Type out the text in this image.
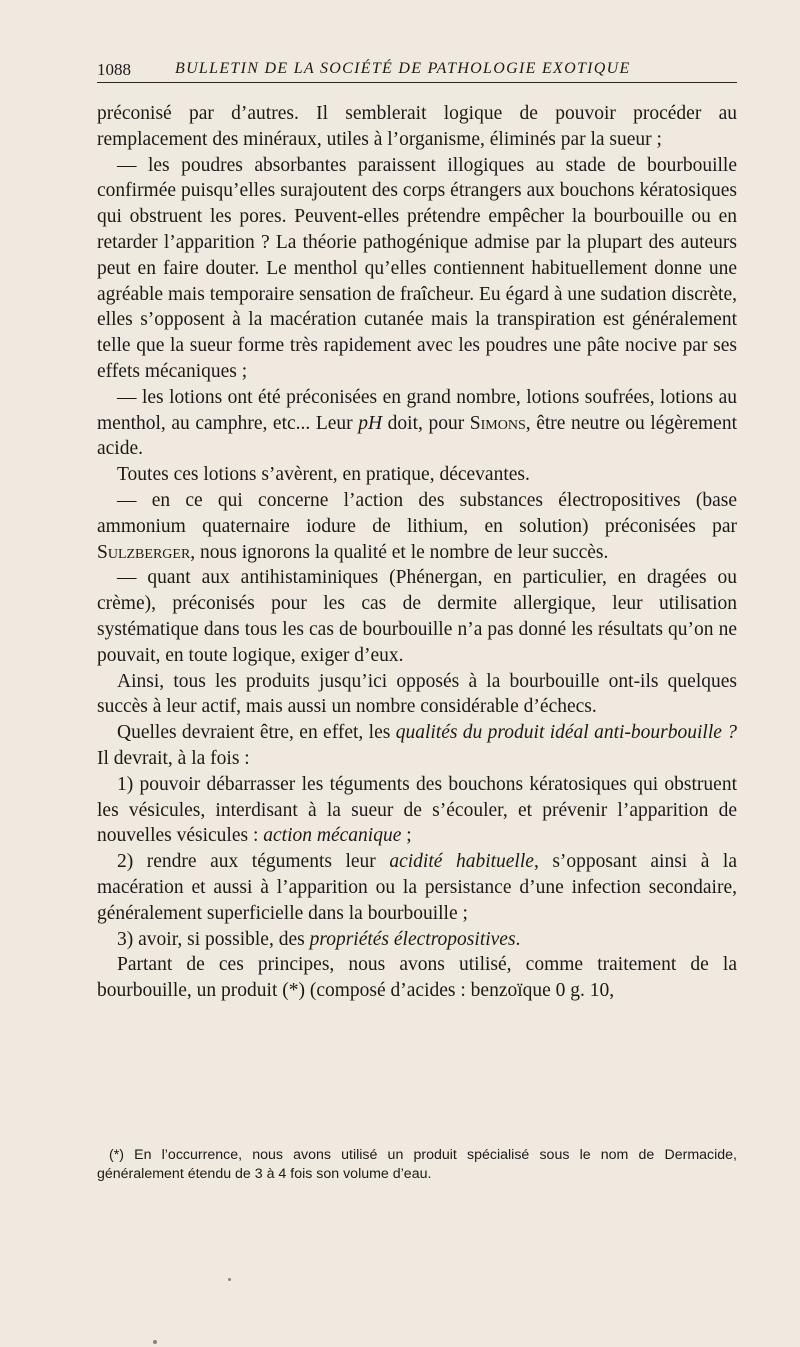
1088	BULLETIN DE LA SOCIÉTÉ DE PATHOLOGIE EXOTIQUE

préconisé par d’autres. Il semblerait logique de pouvoir procéder au remplacement des minéraux, utiles à l’organisme, éliminés par la sueur ;

— les poudres absorbantes paraissent illogiques au stade de bourbouille confirmée puisqu’elles surajoutent des corps étrangers aux bouchons kératosiques qui obstruent les pores. Peuvent-elles prétendre empêcher la bourbouille ou en retarder l’apparition ? La théorie pathogénique admise par la plupart des auteurs peut en faire douter. Le menthol qu’elles contiennent habituellement donne une agréable mais temporaire sensation de fraîcheur. Eu égard à une sudation discrète, elles s’opposent à la macération cutanée mais la transpiration est généralement telle que la sueur forme très rapidement avec les poudres une pâte nocive par ses effets mécaniques ;

— les lotions ont été préconisées en grand nombre, lotions soufrées, lotions au menthol, au camphre, etc... Leur pH doit, pour Simons, être neutre ou légèrement acide.

Toutes ces lotions s’avèrent, en pratique, décevantes.

— en ce qui concerne l’action des substances électropositives (base ammonium quaternaire iodure de lithium, en solution) préconisées par Sulzberger, nous ignorons la qualité et le nombre de leur succès.

— quant aux antihistaminiques (Phénergan, en particulier, en dragées ou crème), préconisés pour les cas de dermite allergique, leur utilisation systématique dans tous les cas de bourbouille n’a pas donné les résultats qu’on ne pouvait, en toute logique, exiger d’eux.

Ainsi, tous les produits jusqu’ici opposés à la bourbouille ont-ils quelques succès à leur actif, mais aussi un nombre considérable d’échecs.

Quelles devraient être, en effet, les qualités du produit idéal anti-bourbouille ? Il devrait, à la fois :

1) pouvoir débarrasser les téguments des bouchons kératosiques qui obstruent les vésicules, interdisant à la sueur de s’écouler, et prévenir l’apparition de nouvelles vésicules : action mécanique ;

2) rendre aux téguments leur acidité habituelle, s’opposant ainsi à la macération et aussi à l’apparition ou la persistance d’une infection secondaire, généralement superficielle dans la bourbouille ;

3) avoir, si possible, des propriétés électropositives.

Partant de ces principes, nous avons utilisé, comme traitement de la bourbouille, un produit (*) (composé d’acides : benzoïque 0 g. 10,

(*) En l’occurrence, nous avons utilisé un produit spécialisé sous le nom de Dermacide, généralement étendu de 3 à 4 fois son volume d’eau.
